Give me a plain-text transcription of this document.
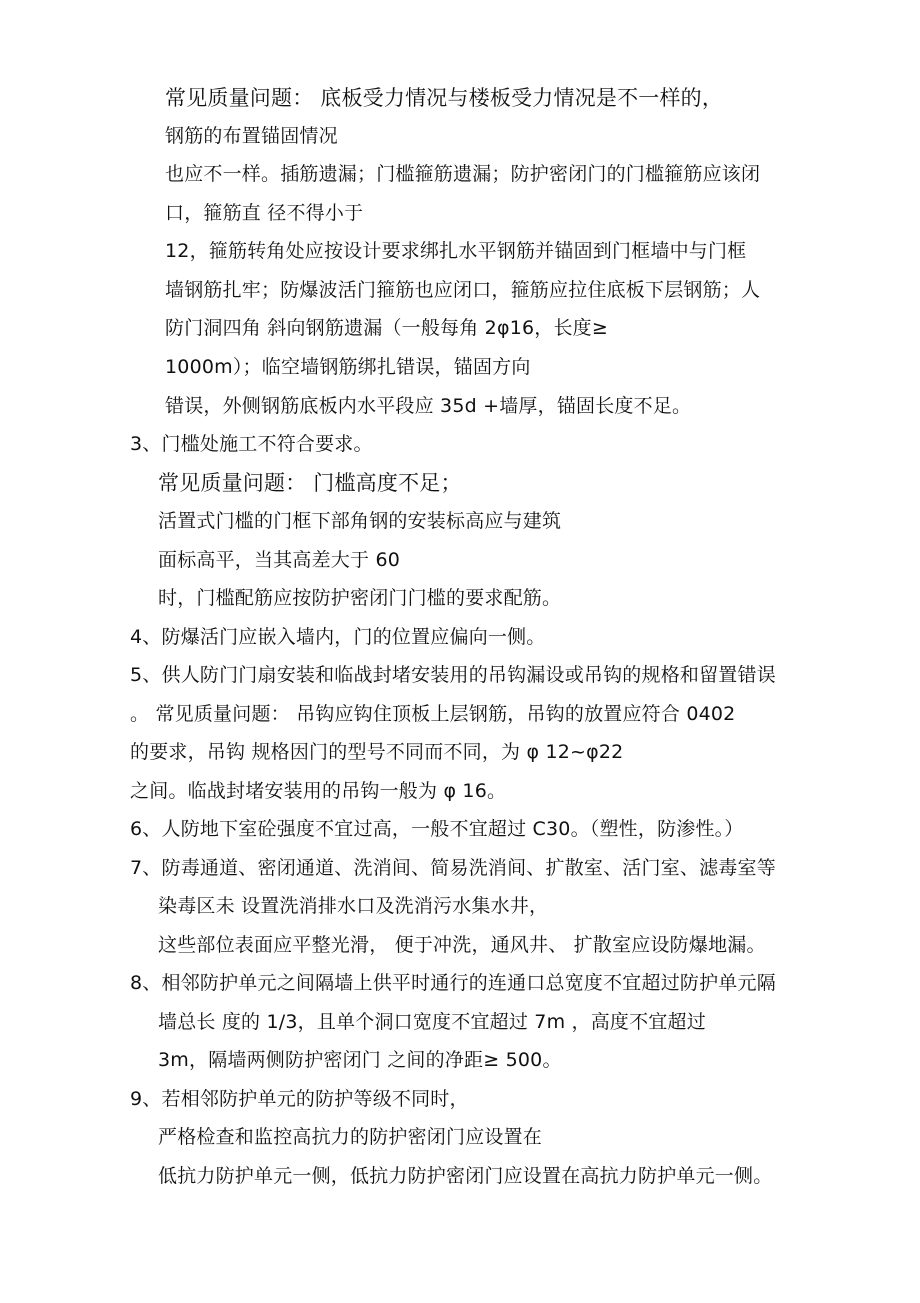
常见质量问题： 底板受力情况与楼板受力情况是不一样的，
钢筋的布置锚固情况
也应不一样。插筋遗漏；门槛箍筋遗漏；防护密闭门的门槛箍筋应该闭
口，箍筋直 径不得小于
12，箍筋转角处应按设计要求绑扎水平钢筋并锚固到门框墙中与门框
墙钢筋扎牢；防爆波活门箍筋也应闭口，箍筋应拉住底板下层钢筋；人
防门洞四角 斜向钢筋遗漏（一般每角 2φ16，长度≥
1000m）；临空墙钢筋绑扎错误，锚固方向
错误，外侧钢筋底板内水平段应 35d +墙厚，锚固长度不足。
3、门槛处施工不符合要求。
常见质量问题： 门槛高度不足；
活置式门槛的门框下部角钢的安装标高应与建筑
面标高平，当其高差大于 60
时，门槛配筋应按防护密闭门门槛的要求配筋。
4、防爆活门应嵌入墙内，门的位置应偏向一侧。
5、供人防门门扇安装和临战封堵安装用的吊钩漏设或吊钩的规格和留置错误
。 常见质量问题： 吊钩应钩住顶板上层钢筋，吊钩的放置应符合 0402
的要求，吊钩 规格因门的型号不同而不同，为 φ 12~φ22
之间。临战封堵安装用的吊钩一般为 φ 16。
6、人防地下室砼强度不宜过高，一般不宜超过 C30。（塑性，防渗性。）
7、防毒通道、密闭通道、洗消间、简易洗消间、扩散室、活门室、滤毒室等
染毒区未 设置洗消排水口及洗消污水集水井，
这些部位表面应平整光滑， 便于冲洗，通风井、 扩散室应设防爆地漏。
8、相邻防护单元之间隔墙上供平时通行的连通口总宽度不宜超过防护单元隔
墙总长 度的 1/3，且单个洞口宽度不宜超过 7m ，高度不宜超过
3m，隔墙两侧防护密闭门 之间的净距≥ 500。
9、若相邻防护单元的防护等级不同时，
严格检查和监控高抗力的防护密闭门应设置在
低抗力防护单元一侧，低抗力防护密闭门应设置在高抗力防护单元一侧。
